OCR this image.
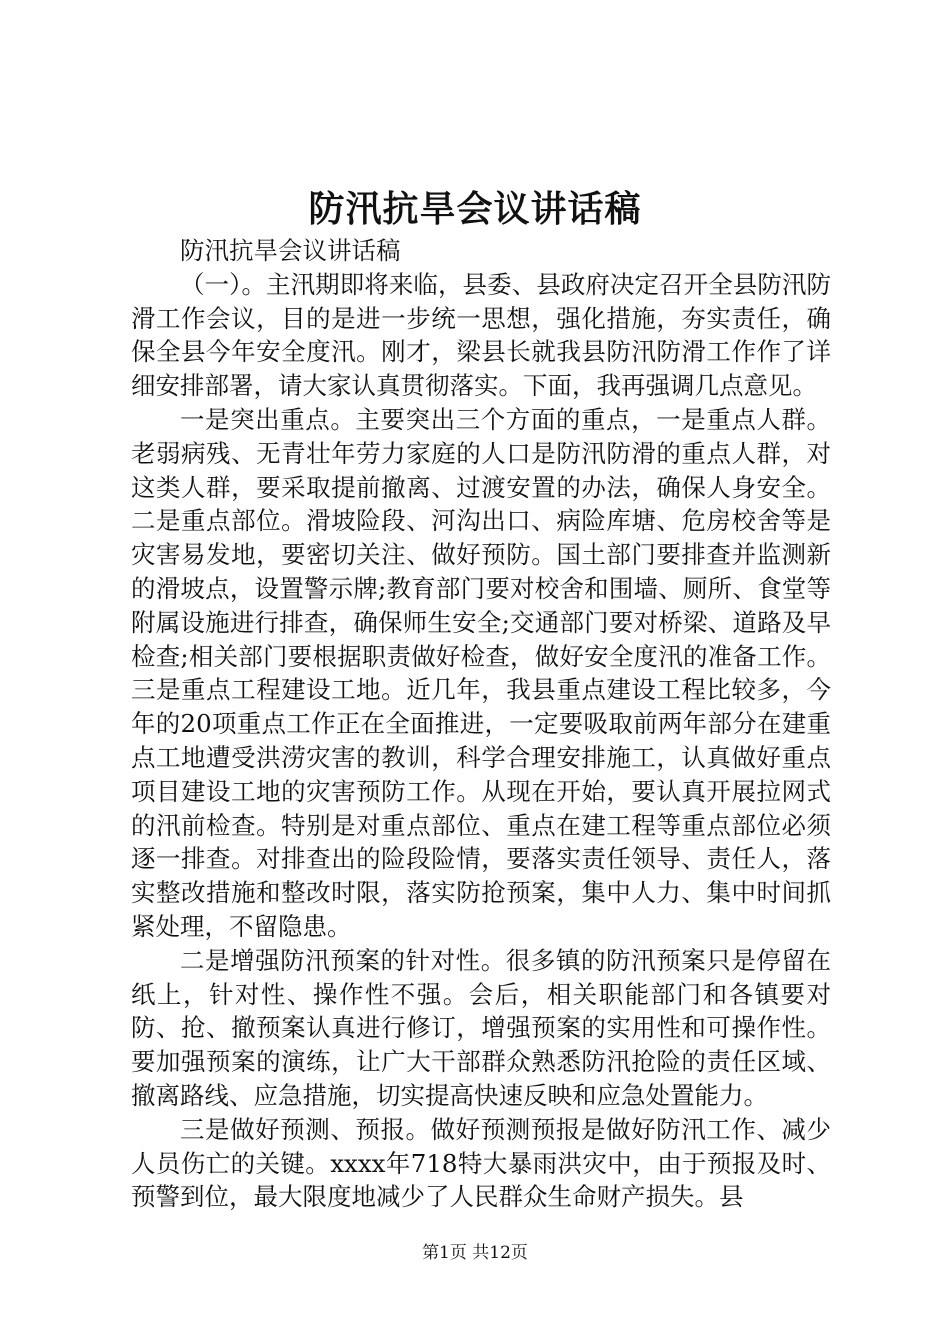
防汛抗旱会议讲话稿

防汛抗旱会议讲话稿

（一）。主汛期即将来临，县委、县政府决定召开全县防汛防滑工作会议，目的是进一步统一思想，强化措施，夯实责任，确保全县今年安全度汛。刚才，梁县长就我县防汛防滑工作作了详细安排部署，请大家认真贯彻落实。下面，我再强调几点意见。

一是突出重点。主要突出三个方面的重点，一是重点人群。老弱病残、无青壮年劳力家庭的人口是防汛防滑的重点人群，对这类人群，要采取提前撤离、过渡安置的办法，确保人身安全。二是重点部位。滑坡险段、河沟出口、病险库塘、危房校舍等是灾害易发地，要密切关注、做好预防。国土部门要排查并监测新的滑坡点，设置警示牌;教育部门要对校舍和围墙、厕所、食堂等附属设施进行排查，确保师生安全;交通部门要对桥梁、道路及早检查;相关部门要根据职责做好检查，做好安全度汛的准备工作。三是重点工程建设工地。近几年，我县重点建设工程比较多，今年的20项重点工作正在全面推进，一定要吸取前两年部分在建重点工地遭受洪涝灾害的教训，科学合理安排施工，认真做好重点项目建设工地的灾害预防工作。从现在开始，要认真开展拉网式的汛前检查。特别是对重点部位、重点在建工程等重点部位必须逐一排查。对排查出的险段险情，要落实责任领导、责任人，落实整改措施和整改时限，落实防抢预案，集中人力、集中时间抓紧处理，不留隐患。

二是增强防汛预案的针对性。很多镇的防汛预案只是停留在纸上，针对性、操作性不强。会后，相关职能部门和各镇要对防、抢、撤预案认真进行修订，增强预案的实用性和可操作性。要加强预案的演练，让广大干部群众熟悉防汛抢险的责任区域、撤离路线、应急措施，切实提高快速反映和应急处置能力。

三是做好预测、预报。做好预测预报是做好防汛工作、减少人员伤亡的关键。xxxx年718特大暴雨洪灾中，由于预报及时、预警到位，最大限度地减少了人民群众生命财产损失。县

第1页 共12页
